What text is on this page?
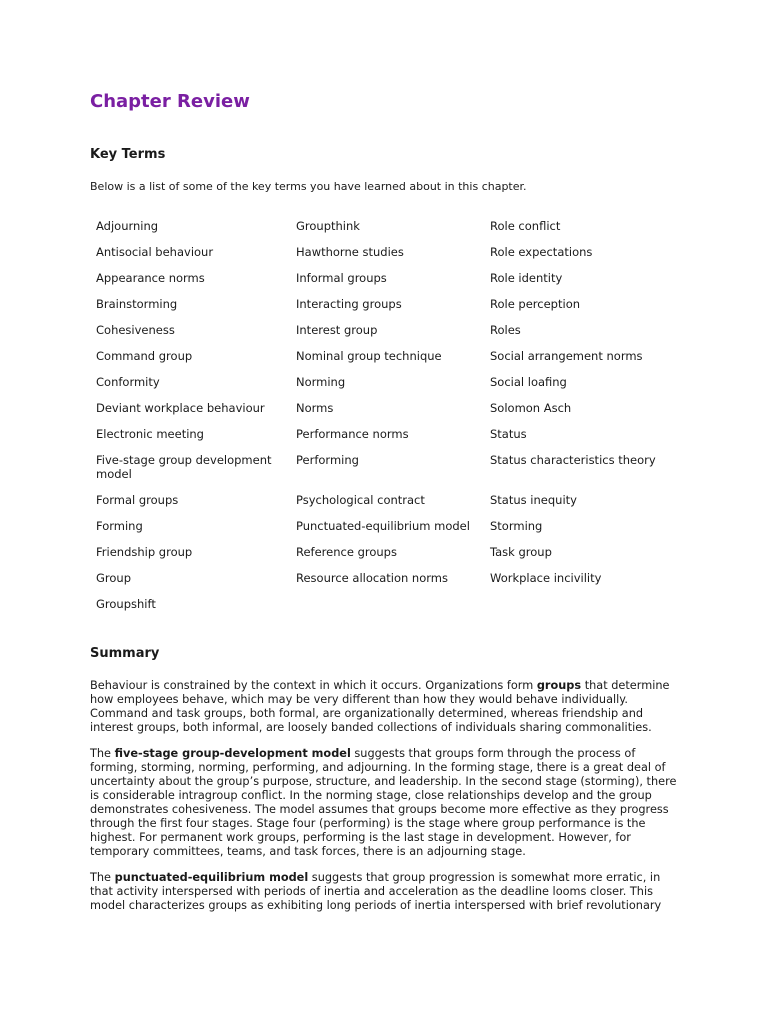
Chapter Review
Key Terms

Below is a list of some of the key terms you have learned about in this chapter.

Adjourning	Groupthink	Role conflict
Antisocial behaviour	Hawthorne studies	Role expectations
Appearance norms	Informal groups	Role identity
Brainstorming	Interacting groups	Role perception
Cohesiveness	Interest group	Roles
Command group	Nominal group technique	Social arrangement norms
Conformity	Norming	Social loafing
Deviant workplace behaviour	Norms	Solomon Asch
Electronic meeting	Performance norms	Status
Five-stage group development model	Performing	Status characteristics theory
Formal groups	Psychological contract	Status inequity
Forming	Punctuated-equilibrium model	Storming
Friendship group	Reference groups	Task group
Group	Resource allocation norms	Workplace incivility
Groupshift		
Summary

Behaviour is constrained by the context in which it occurs. Organizations form groups that determine how employees behave, which may be very different than how they would behave individually. Command and task groups, both formal, are organizationally determined, whereas friendship and interest groups, both informal, are loosely banded collections of individuals sharing commonalities.

The five-stage group-development model suggests that groups form through the process of forming, storming, norming, performing, and adjourning. In the forming stage, there is a great deal of uncertainty about the group’s purpose, structure, and leadership. In the second stage (storming), there is considerable intragroup conflict. In the norming stage, close relationships develop and the group demonstrates cohesiveness. The model assumes that groups become more effective as they progress through the first four stages. Stage four (performing) is the stage where group performance is the highest. For permanent work groups, performing is the last stage in development. However, for temporary committees, teams, and task forces, there is an adjourning stage.

The punctuated-equilibrium model suggests that group progression is somewhat more erratic, in that activity interspersed with periods of inertia and acceleration as the deadline looms closer. This model characterizes groups as exhibiting long periods of inertia interspersed with brief revolutionary
